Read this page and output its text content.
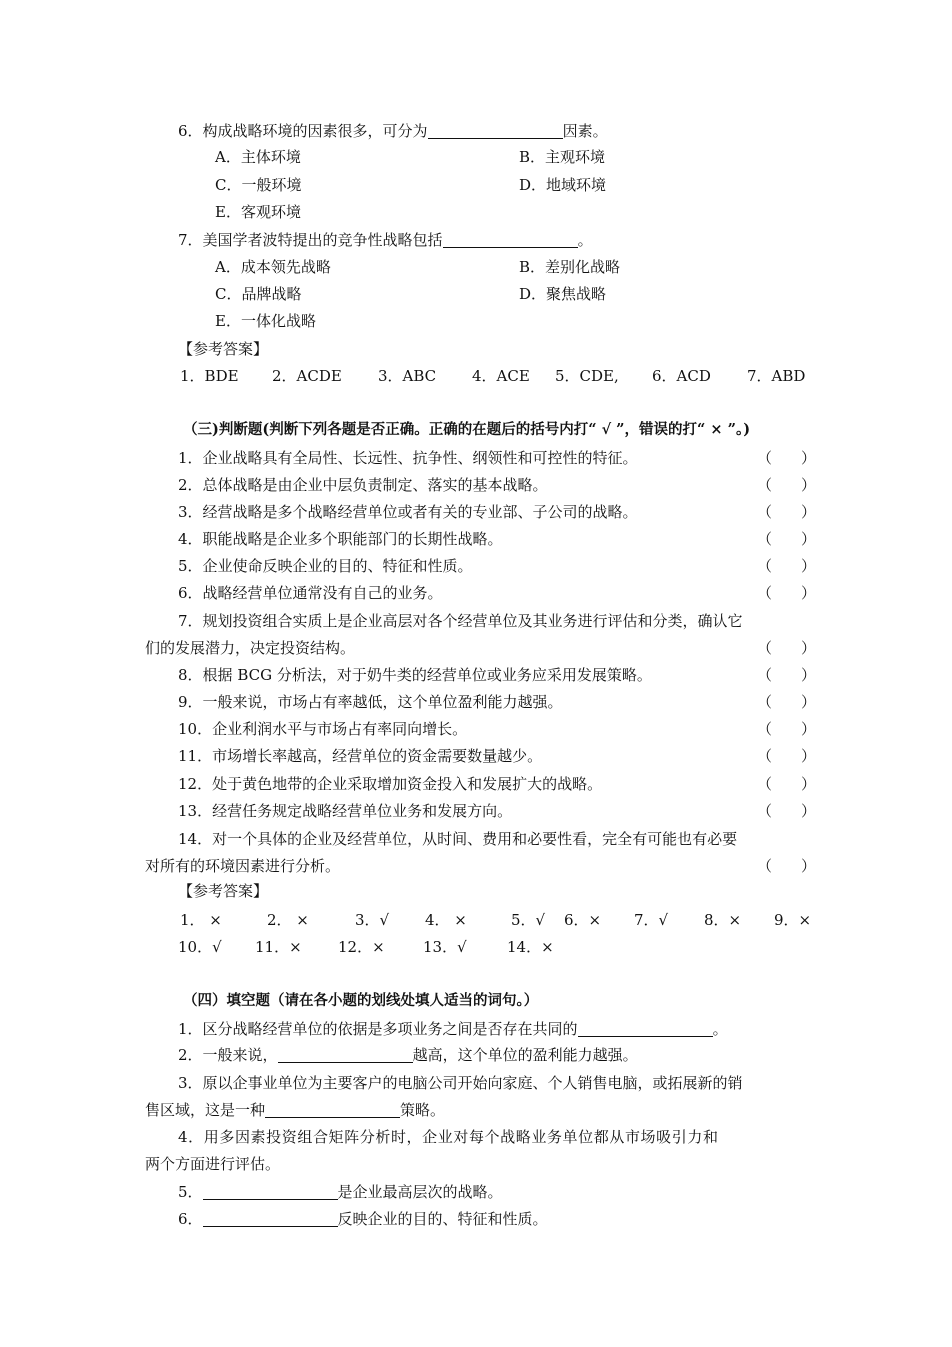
6．构成战略环境的因素很多，可分为	因素。
A．主体环境	B．主观环境
C．一般环境	D．地域环境
E．客观环境
7．美国学者波特提出的竞争性战略包括	。
A．成本领先战略	B．差别化战略
C．品牌战略	D．聚焦战略
E．一体化战略
【参考答案】
1．BDE 2．ACDE 3．ABC 4．ACE 5．CDE, 6．ACD 7．ABD
（三)判断题(判断下列各题是否正确。正确的在题后的括号内打“ √ ”，错误的打“ × ”。)
1．企业战略具有全局性、长远性、抗争性、纲领性和可控性的特征。	（ ）
2．总体战略是由企业中层负责制定、落实的基本战略。	（ ）
3．经营战略是多个战略经营单位或者有关的专业部、子公司的战略。	（ ）
4．职能战略是企业多个职能部门的长期性战略。	（ ）
5．企业使命反映企业的目的、特征和性质。	（ ）
6．战略经营单位通常没有自己的业务。	（ ）
7．规划投资组合实质上是企业高层对各个经营单位及其业务进行评估和分类，确认它
们的发展潜力，决定投资结构。	（ ）
8．根据 BCG 分析法，对于奶牛类的经营单位或业务应采用发展策略。	（ ）
9．一般来说，市场占有率越低，这个单位盈利能力越强。	（ ）
10．企业利润水平与市场占有率同向增长。	（ ）
11．市场增长率越高，经营单位的资金需要数量越少。	（ ）
12．处于黄色地带的企业采取增加资金投入和发展扩大的战略。	（ ）
13．经营任务规定战略经营单位业务和发展方向。	（ ）
14．对一个具体的企业及经营单位，从时间、费用和必要性看，完全有可能也有必要
对所有的环境因素进行分析。	（ ）
【参考答案】
1． ×	2． ×	3．√ 4． ×	5．√ 6．× 7．√ 8．× 9．×
10．√ 11．× 12．×	13．√	14．×
（四）填空题（请在各小题的划线处填人适当的词句。）
1．区分战略经营单位的依据是多项业务之间是否存在共同的	。
2．一般来说，	越高，这个单位的盈利能力越强。
3．原以企事业单位为主要客户的电脑公司开始向家庭、个人销售电脑，或拓展新的销
售区域，这是一种	策略。
4．用多因素投资组合矩阵分析时，企业对每个战略业务单位都从市场吸引力和
两个方面进行评估。
5．	是企业最高层次的战略。
6．	反映企业的目的、特征和性质。
